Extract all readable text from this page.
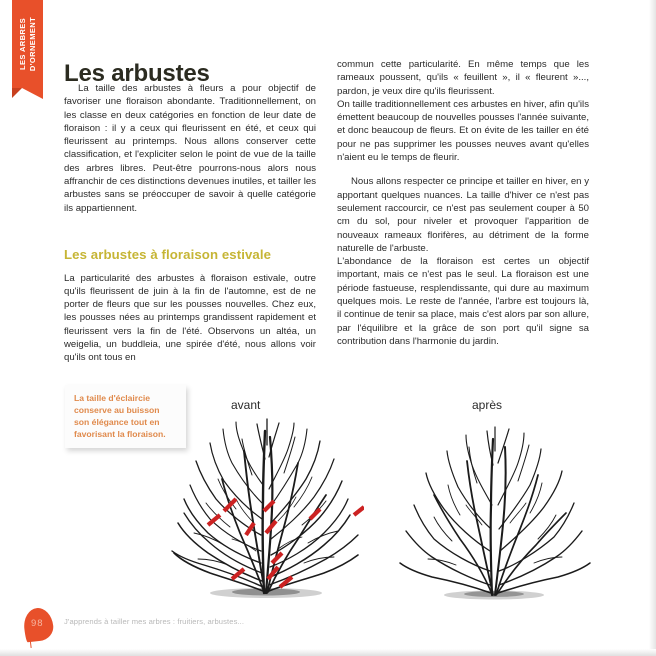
LES ARBRES D'ORNEMENT
Les arbustes

La taille des arbustes à fleurs a pour objectif de favoriser une floraison abondante. Traditionnellement, on les classe en deux catégories en fonction de leur date de floraison : il y a ceux qui fleurissent en été, et ceux qui fleurissent au printemps. Nous allons conserver cette classification, et l'expliciter selon le point de vue de la taille des arbres libres. Peut-être pourrons-nous alors nous affranchir de ces distinctions devenues inutiles, et tailler les arbustes sans se préoccuper de savoir à quelle catégorie ils appartiennent.

Les arbustes à floraison estivale

La particularité des arbustes à floraison estivale, outre qu'ils fleurissent de juin à la fin de l'automne, est de ne porter de fleurs que sur les pousses nouvelles. Chez eux, les pousses nées au printemps grandissent rapidement et fleurissent vers la fin de l'été. Observons un altéa, un weigelia, un buddleia, une spirée d'été, nous allons voir qu'ils ont tous en

commun cette particularité. En même temps que les rameaux poussent, qu'ils « feuillent », il « fleurent »..., pardon, je veux dire qu'ils fleurissent.

On taille traditionnellement ces arbustes en hiver, afin qu'ils émettent beaucoup de nouvelles pousses l'année suivante, et donc beaucoup de fleurs. Et on évite de les tailler en été pour ne pas supprimer les pousses neuves avant qu'elles n'aient eu le temps de fleurir.

Nous allons respecter ce principe et tailler en hiver, en y apportant quelques nuances. La taille d'hiver ce n'est pas seulement raccourcir, ce n'est pas seulement couper à 50 cm du sol, pour niveler et provoquer l'apparition de nouveaux rameaux florifères, au détriment de la forme naturelle de l'arbuste.

L'abondance de la floraison est certes un objectif important, mais ce n'est pas le seul. La floraison est une période fastueuse, resplendissante, qui dure au maximum quelques mois. Le reste de l'année, l'arbre est toujours là, il continue de tenir sa place, mais c'est alors par son allure, par l'équilibre et la grâce de son port qu'il signe sa contribution dans l'harmonie du jardin.

La taille d'éclaircie conserve au buisson son élégance tout en favorisant la floraison.
avant	après
98	J'apprends à tailler mes arbres : fruitiers, arbustes...
